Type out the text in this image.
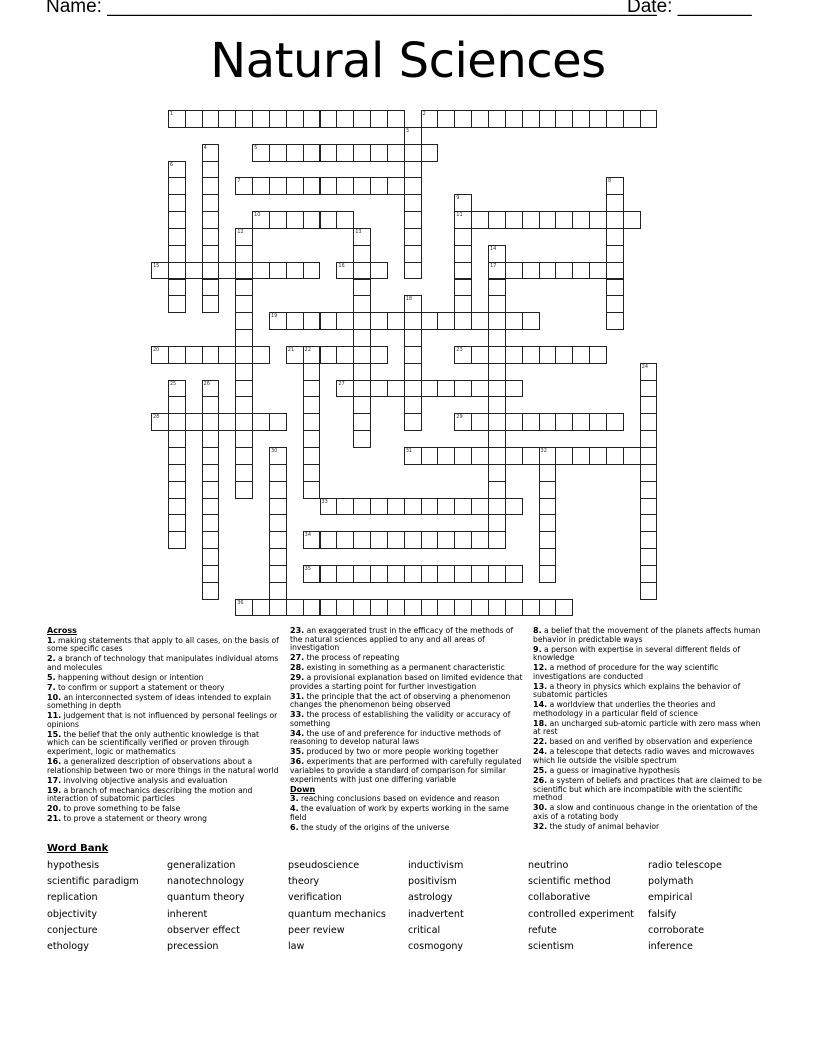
Name: ____________________________________________________
Date: _______
Natural Sciences
1	2
5
7
10	11
15	16	17
19
20	21 22	23
27
28	29
31	32
33
34
35
36
3
4
6
8
9
12	13
14
18
24
25	26
30
Across
1. making statements that apply to all cases, on the basis of some specific cases
2. a branch of technology that manipulates individual atoms and molecules
5. happening without design or intention
7. to confirm or support a statement or theory
10. an interconnected system of ideas intended to explain something in depth
11. judgement that is not influenced by personal feelings or opinions
15. the belief that the only authentic knowledge is that which can be scientifically verified or proven through experiment, logic or mathematics
16. a generalized description of observations about a relationship between two or more things in the natural world
17. involving objective analysis and evaluation
19. a branch of mechanics describing the motion and interaction of subatomic particles
20. to prove something to be false
21. to prove a statement or theory wrong
23. an exaggerated trust in the efficacy of the methods of the natural sciences applied to any and all areas of investigation
27. the process of repeating
28. existing in something as a permanent characteristic
29. a provisional explanation based on limited evidence that provides a starting point for further investigation
31. the principle that the act of observing a phenomenon changes the phenomenon being observed
33. the process of establishing the validity or accuracy of something
34. the use of and preference for inductive methods of reasoning to develop natural laws
35. produced by two or more people working together
36. experiments that are performed with carefully regulated variables to provide a standard of comparison for similar experiments with just one differing variable
Down
3. reaching conclusions based on evidence and reason
4. the evaluation of work by experts working in the same field
6. the study of the origins of the universe
8. a belief that the movement of the planets affects human behavior in predictable ways
9. a person with expertise in several different fields of knowledge
12. a method of procedure for the way scientific investigations are conducted
13. a theory in physics which explains the behavior of subatomic particles
14. a worldview that underlies the theories and methodology in a particular field of science
18. an uncharged sub-atomic particle with zero mass when at rest
22. based on and verified by observation and experience
24. a telescope that detects radio waves and microwaves which lie outside the visible spectrum
25. a guess or imaginative hypothesis
26. a system of beliefs and practices that are claimed to be scientific but which are incompatible with the scientific method
30. a slow and continuous change in the orientation of the axis of a rotating body
32. the study of animal behavior
Word Bank
hypothesis
scientific paradigm
replication
objectivity
conjecture
ethology
generalization
nanotechnology
quantum theory
inherent
observer effect
precession
pseudoscience
theory
verification
quantum mechanics
peer review
law
inductivism
positivism
astrology
inadvertent
critical
cosmogony
neutrino
scientific method
collaborative
controlled experiment
refute
scientism
radio telescope
polymath
empirical
falsify
corroborate
inference
